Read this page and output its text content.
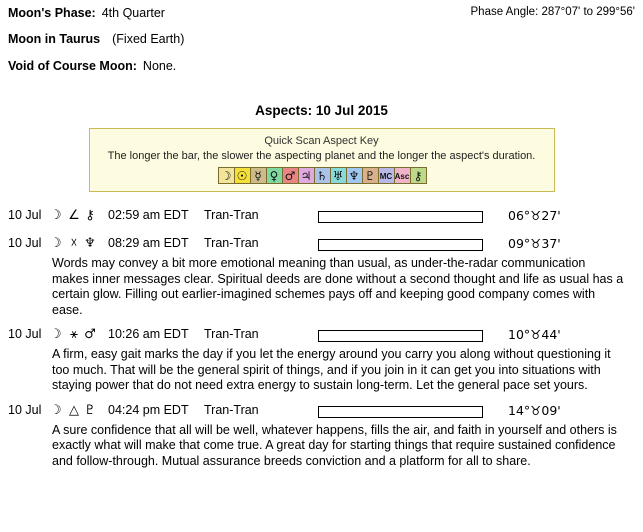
Moon's Phase: 4th Quarter	Phase Angle: 287°07' to 299°56'
Moon in Taurus (Fixed Earth)
Void of Course Moon: None.
Aspects: 10 Jul 2015
Quick Scan Aspect Key
The longer the bar, the slower the aspecting planet and the longer the aspect's duration.
☽ ☉ ☿ ♀ ♂ ♃ ♄ ♅ ♆ ♇ MC Asc ⚷
10 Jul ☽ ∠ ⚷ 02:59 am EDT Tran-Tran	06°♉27'
10 Jul ☽ ☓ ♆ 08:29 am EDT Tran-Tran	09°♉37'
Words may convey a bit more emotional meaning than usual, as under-the-radar communication makes inner messages clear. Spiritual deeds are done without a second thought and life as usual has a certain glow. Filling out earlier-imagined schemes pays off and keeping good company comes with ease.
10 Jul ☽ ⚹ ♂ 10:26 am EDT Tran-Tran	10°♉44'
A firm, easy gait marks the day if you let the energy around you carry you along without questioning it too much. That will be the general spirit of things, and if you join in it can get you into situations with staying power that do not need extra energy to sustain long-term. Let the general pace set yours.
10 Jul ☽ △ ♇ 04:24 pm EDT Tran-Tran	14°♉09'
A sure confidence that all will be well, whatever happens, fills the air, and faith in yourself and others is exactly what will make that come true. A great day for starting things that require sustained confidence and follow-through. Mutual assurance breeds conviction and a platform for all to share.
